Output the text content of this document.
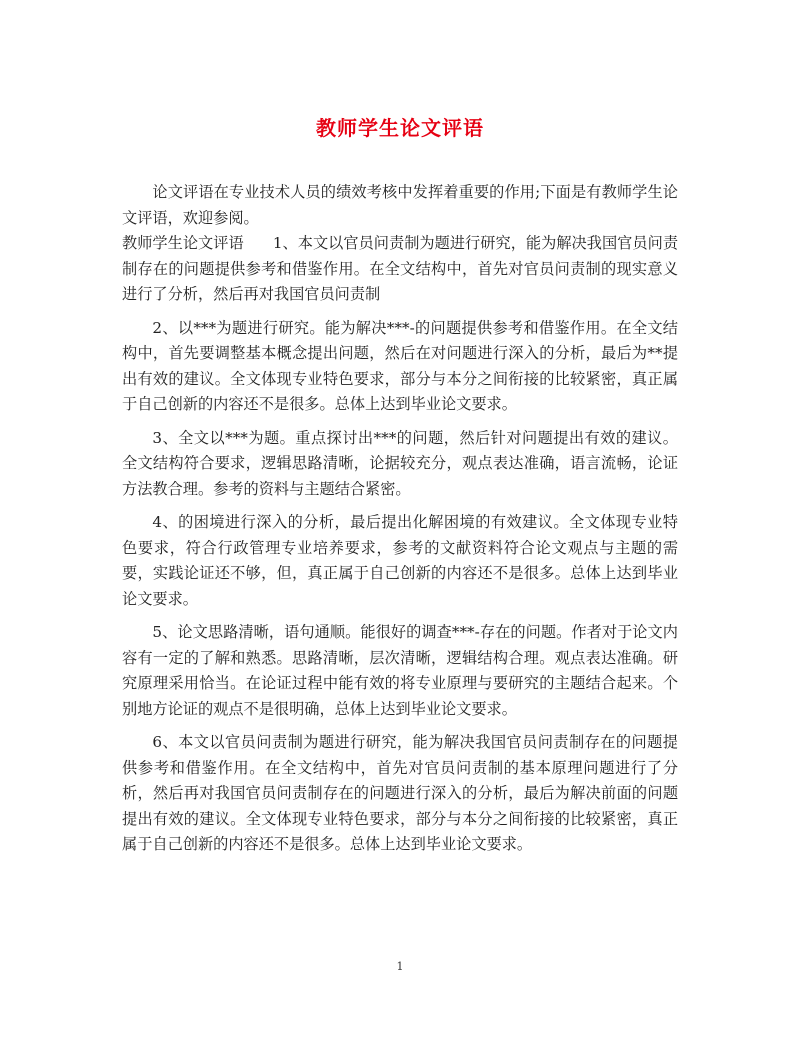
教师学生论文评语

论文评语在专业技术人员的绩效考核中发挥着重要的作用;下面是有教师学生论文评语，欢迎参阅。

教师学生论文评语 1、本文以官员问责制为题进行研究，能为解决我国官员问责制存在的问题提供参考和借鉴作用。在全文结构中，首先对官员问责制的现实意义进行了分析，然后再对我国官员问责制

2、以***为题进行研究。能为解决***-的问题提供参考和借鉴作用。在全文结构中，首先要调整基本概念提出问题，然后在对问题进行深入的分析，最后为**提出有效的建议。全文体现专业特色要求，部分与本分之间衔接的比较紧密，真正属于自己创新的内容还不是很多。总体上达到毕业论文要求。

3、全文以***为题。重点探讨出***的问题，然后针对问题提出有效的建议。全文结构符合要求，逻辑思路清晰，论据较充分，观点表达准确，语言流畅，论证方法教合理。参考的资料与主题结合紧密。

4、的困境进行深入的分析，最后提出化解困境的有效建议。全文体现专业特色要求，符合行政管理专业培养要求，参考的文献资料符合论文观点与主题的需要，实践论证还不够，但，真正属于自己创新的内容还不是很多。总体上达到毕业论文要求。

5、论文思路清晰，语句通顺。能很好的调查***-存在的问题。作者对于论文内容有一定的了解和熟悉。思路清晰，层次清晰，逻辑结构合理。观点表达准确。研究原理采用恰当。在论证过程中能有效的将专业原理与要研究的主题结合起来。个别地方论证的观点不是很明确，总体上达到毕业论文要求。

6、本文以官员问责制为题进行研究，能为解决我国官员问责制存在的问题提供参考和借鉴作用。在全文结构中，首先对官员问责制的基本原理问题进行了分析，然后再对我国官员问责制存在的问题进行深入的分析，最后为解决前面的问题提出有效的建议。全文体现专业特色要求，部分与本分之间衔接的比较紧密，真正属于自己创新的内容还不是很多。总体上达到毕业论文要求。

1
